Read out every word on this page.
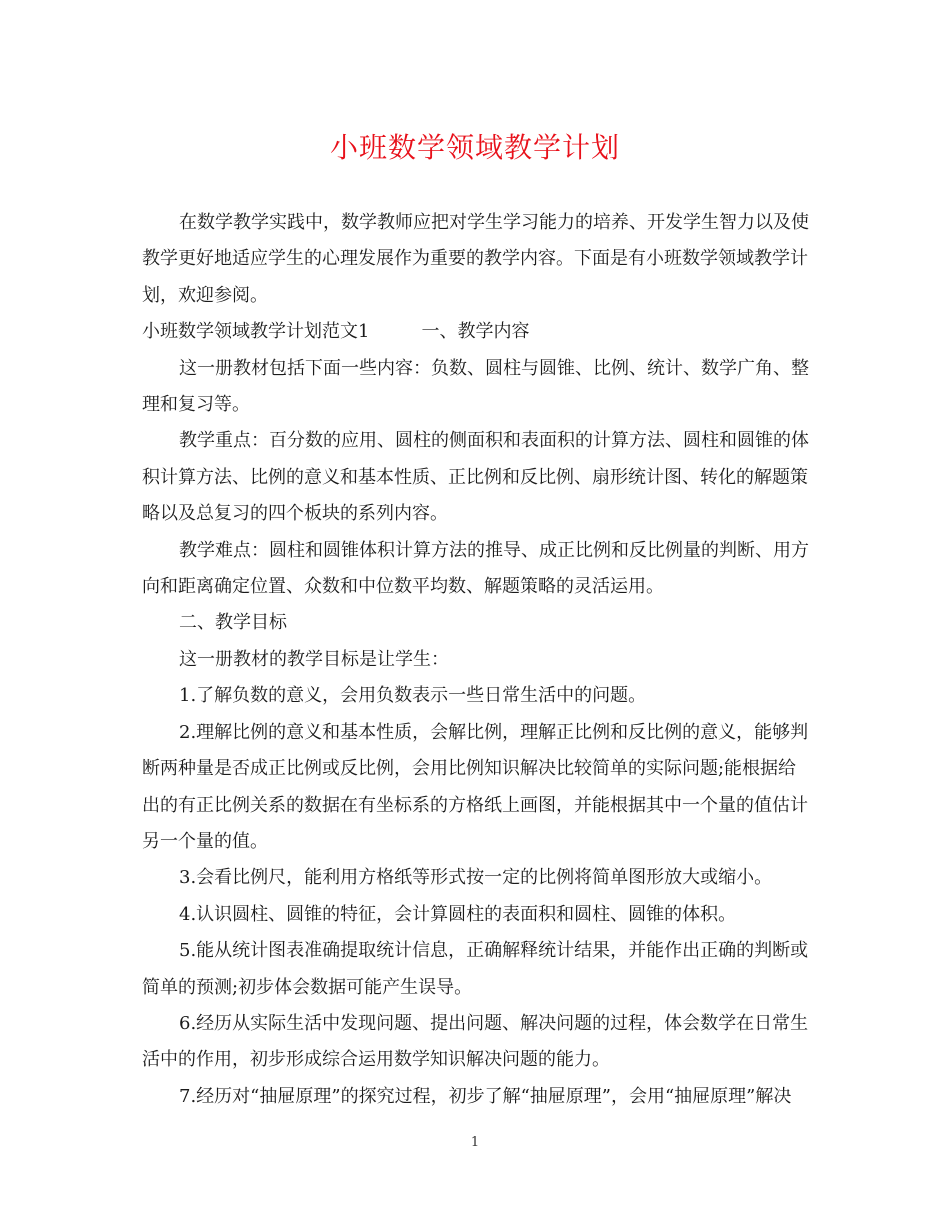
小班数学领域教学计划

在数学教学实践中，数学教师应把对学生学习能力的培养、开发学生智力以及使教学更好地适应学生的心理发展作为重要的教学内容。下面是有小班数学领域教学计划，欢迎参阅。

小班数学领域教学计划范文1	一、教学内容

这一册教材包括下面一些内容：负数、圆柱与圆锥、比例、统计、数学广角、整理和复习等。

教学重点：百分数的应用、圆柱的侧面积和表面积的计算方法、圆柱和圆锥的体积计算方法、比例的意义和基本性质、正比例和反比例、扇形统计图、转化的解题策略以及总复习的四个板块的系列内容。

教学难点：圆柱和圆锥体积计算方法的推导、成正比例和反比例量的判断、用方向和距离确定位置、众数和中位数平均数、解题策略的灵活运用。

二、教学目标

这一册教材的教学目标是让学生：

1.了解负数的意义，会用负数表示一些日常生活中的问题。

2.理解比例的意义和基本性质，会解比例，理解正比例和反比例的意义，能够判断两种量是否成正比例或反比例，会用比例知识解决比较简单的实际问题;能根据给出的有正比例关系的数据在有坐标系的方格纸上画图，并能根据其中一个量的值估计另一个量的值。

3.会看比例尺，能利用方格纸等形式按一定的比例将简单图形放大或缩小。

4.认识圆柱、圆锥的特征，会计算圆柱的表面积和圆柱、圆锥的体积。

5.能从统计图表准确提取统计信息，正确解释统计结果，并能作出正确的判断或简单的预测;初步体会数据可能产生误导。

6.经历从实际生活中发现问题、提出问题、解决问题的过程，体会数学在日常生活中的作用，初步形成综合运用数学知识解决问题的能力。

7.经历对“抽屉原理”的探究过程，初步了解“抽屉原理”，会用“抽屉原理”解决

1
